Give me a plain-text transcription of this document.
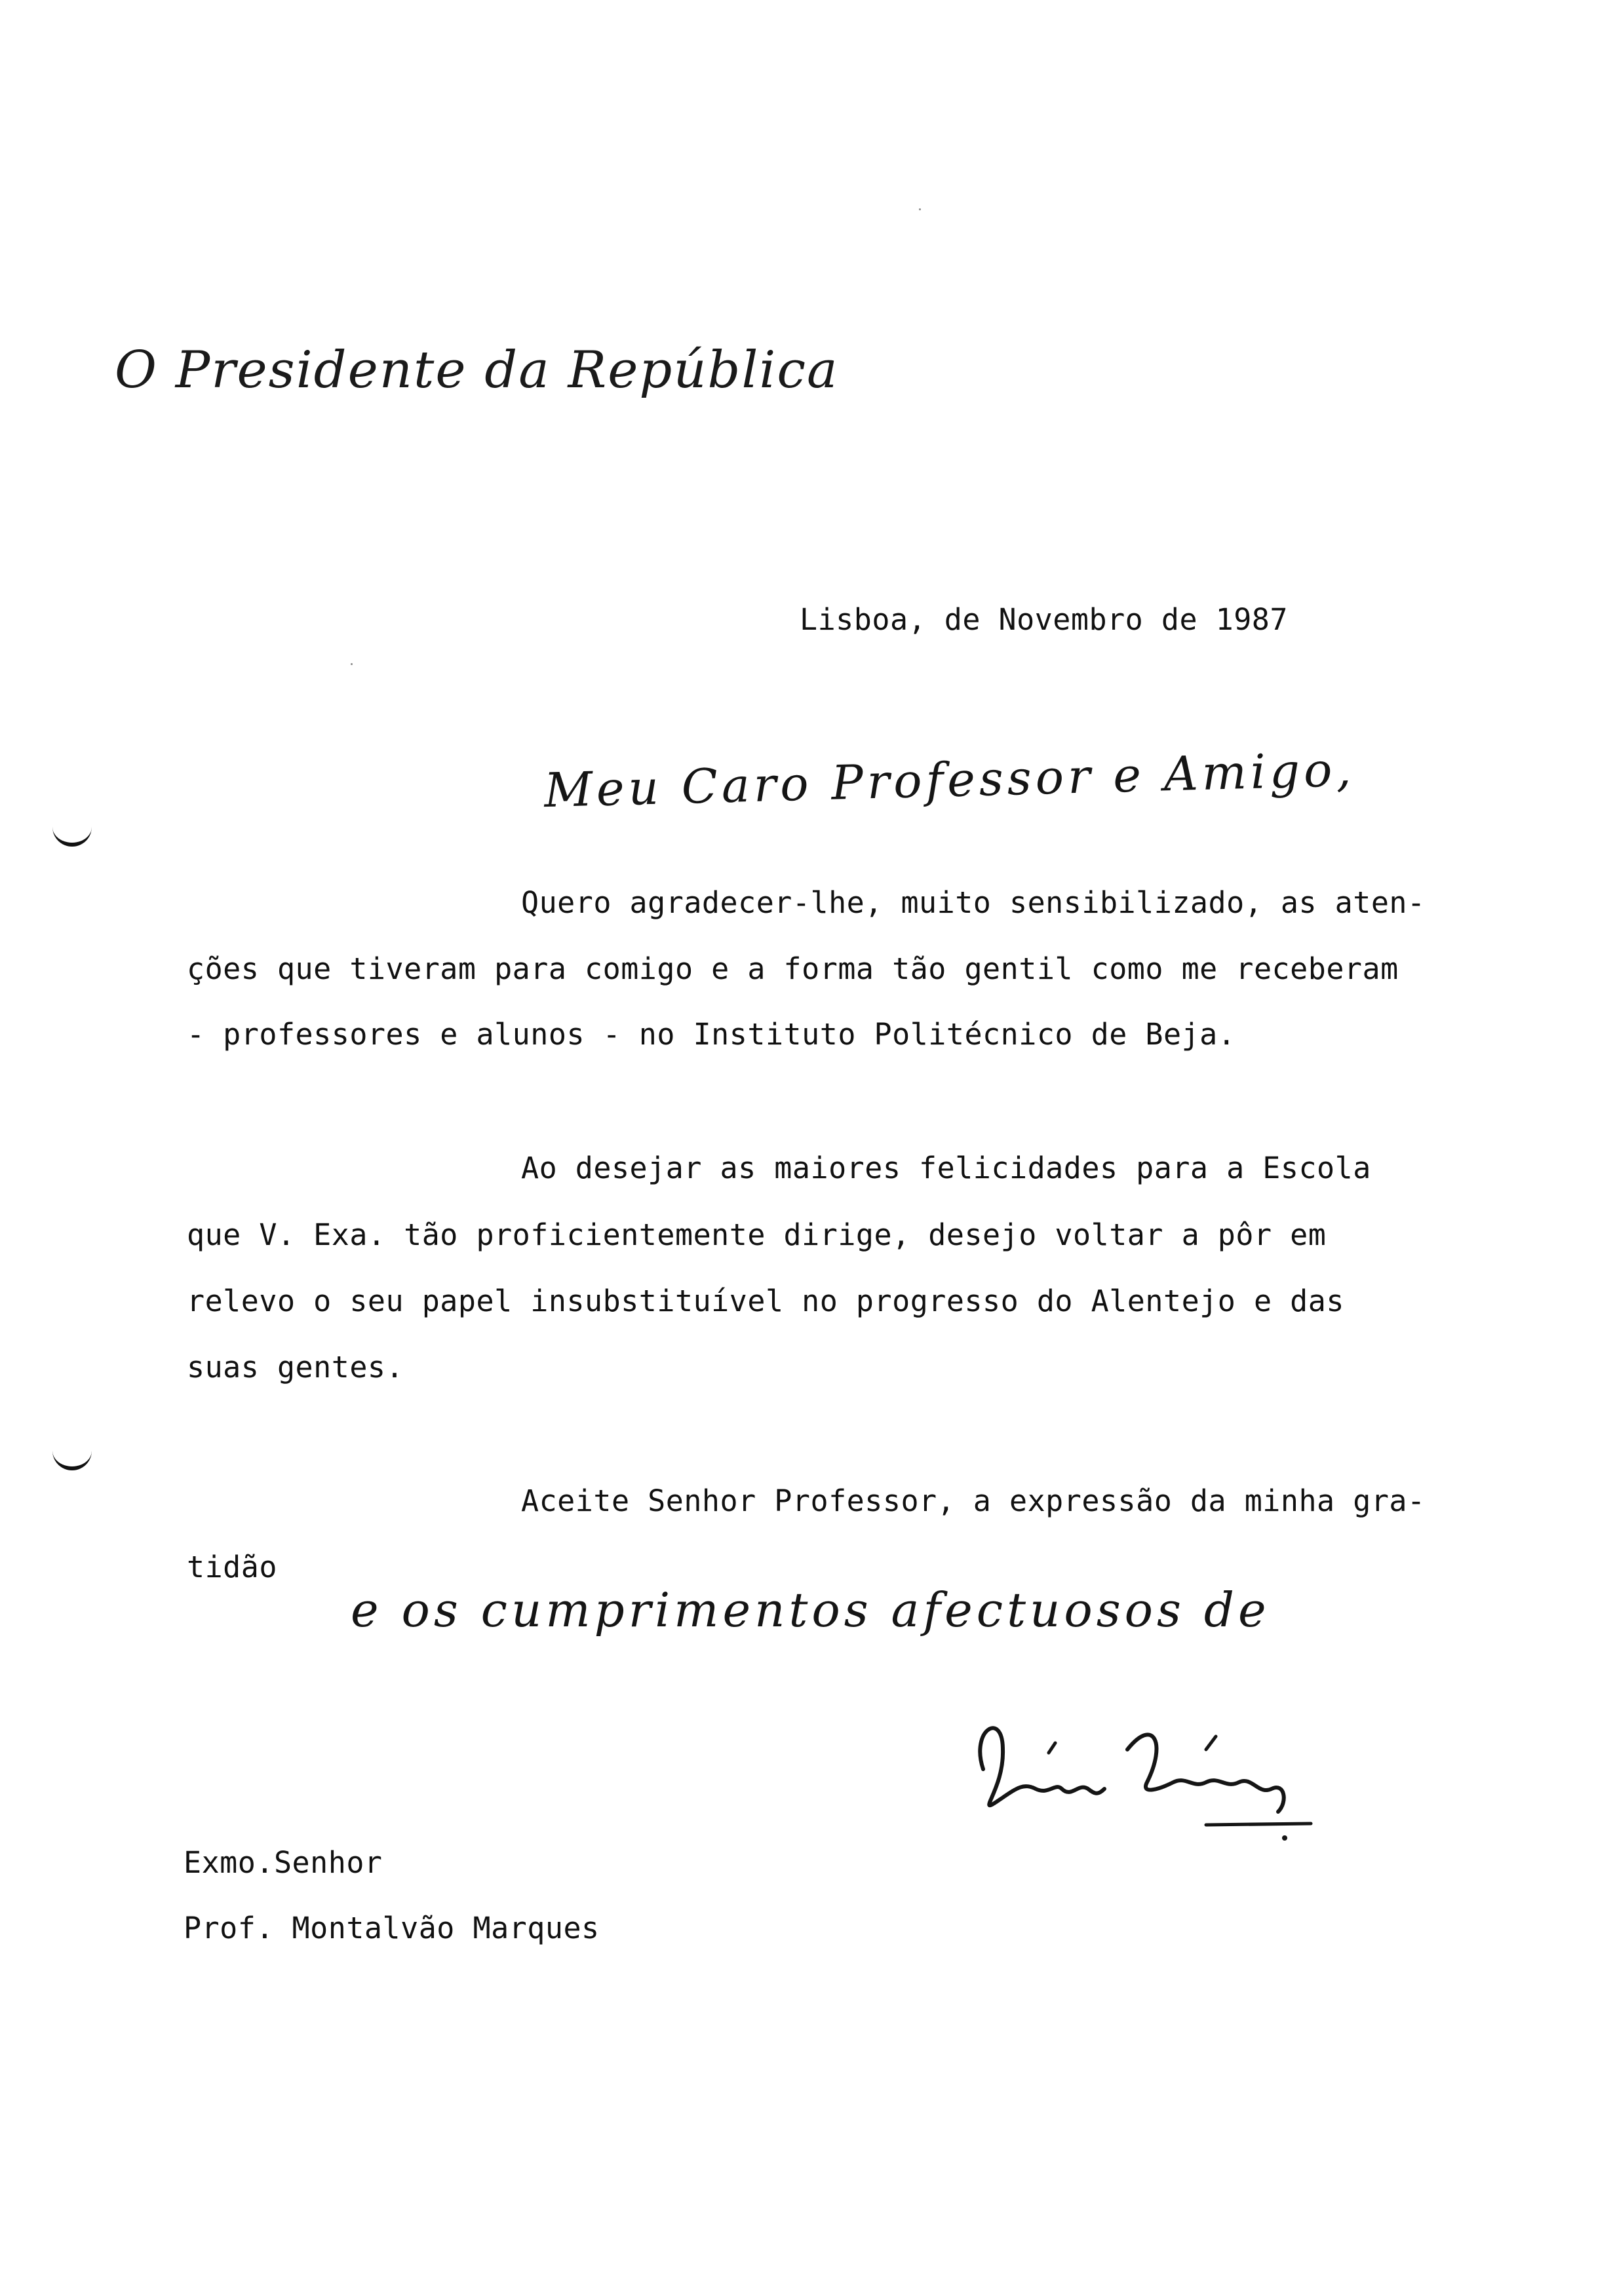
O Presidente da República
Lisboa, de Novembro de 1987
Meu Caro Professor e Amigo,
Quero agradecer-lhe, muito sensibilizado, as aten-
ções que tiveram para comigo e a forma tão gentil como me receberam
- professores e alunos - no Instituto Politécnico de Beja.
Ao desejar as maiores felicidades para a Escola
que V. Exa. tão proficientemente dirige, desejo voltar a pôr em
relevo o seu papel insubstituível no progresso do Alentejo e das
suas gentes.
Aceite Senhor Professor, a expressão da minha gra-
tidão
e os cumprimentos afectuosos de
Exmo.Senhor
Prof. Montalvão Marques
